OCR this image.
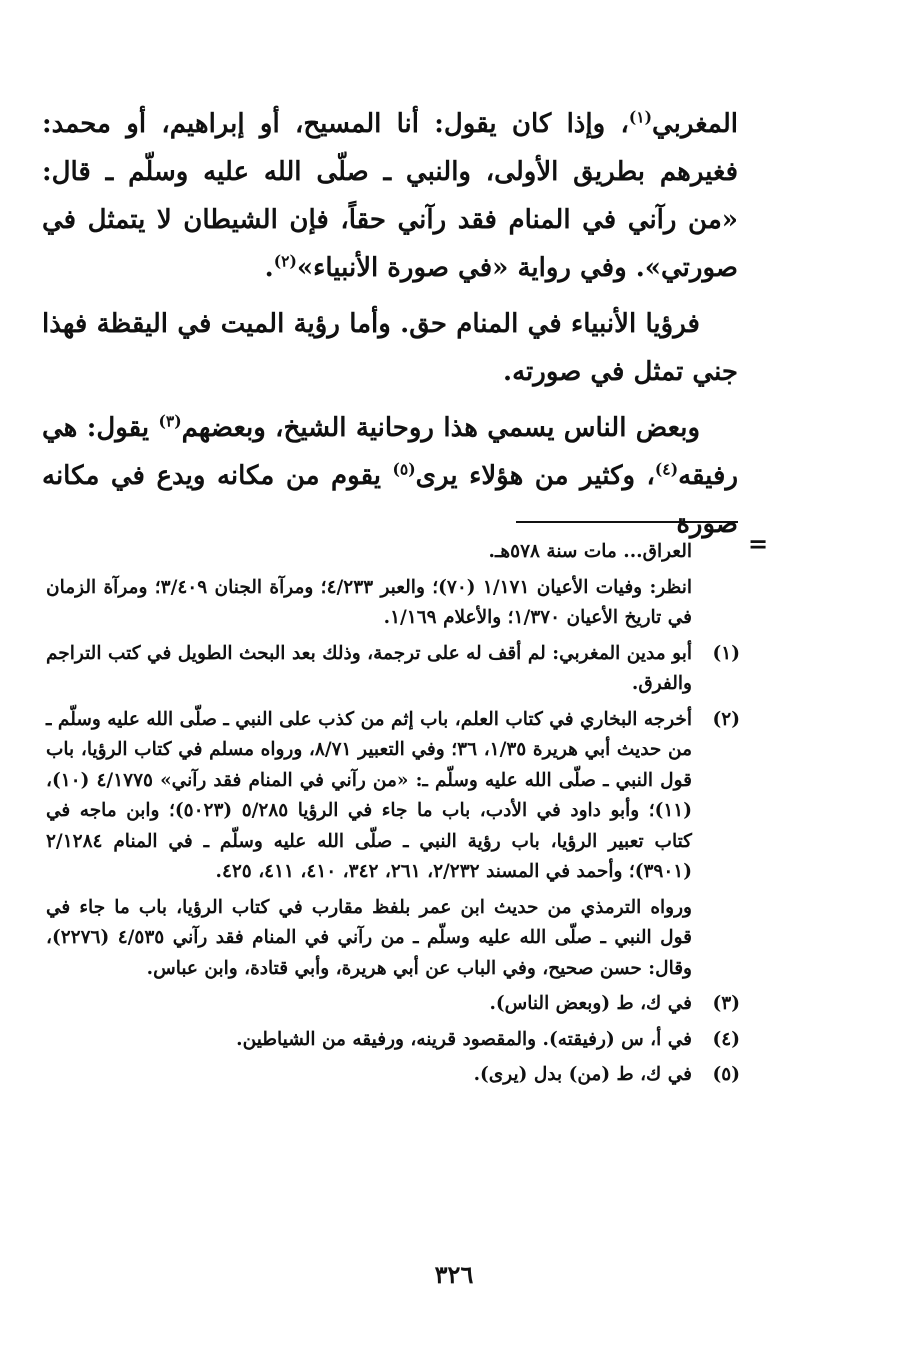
المغربي$^{(١)}$، وإذا كان يقول: أنا المسيح، أو إبراهيم، أو محمد: فغيرهم بطريق الأولى، والنبي ـ صلّى الله عليه وسلّم ـ قال: «من رآني في المنام فقد رآني حقاً، فإن الشيطان لا يتمثل في صورتي». وفي رواية «في صورة الأنبياء»$^{(٢)}$.

فرؤيا الأنبياء في المنام حق. وأما رؤية الميت في اليقظة فهذا جني تمثل في صورته.

وبعض الناس يسمي هذا روحانية الشيخ، وبعضهم$^{(٣)}$ يقول: هي رفيقه$^{(٤)}$، وكثير من هؤلاء يرى$^{(٥)}$ يقوم من مكانه ويدع في مكانه صورة

=

العراق... مات سنة ٥٧٨هـ.

انظر: وفيات الأعيان ١/١٧١ (٧٠)؛ والعبر ٤/٢٣٣؛ ومرآة الجنان ٣/٤٠٩؛ ومرآة الزمان في تاريخ الأعيان ١/٣٧٠؛ والأعلام ١/١٦٩.

(١)
أبو مدين المغربي: لم أقف له على ترجمة، وذلك بعد البحث الطويل في كتب التراجم والفرق.

(٢)
أخرجه البخاري في كتاب العلم، باب إثم من كذب على النبي ـ صلّى الله عليه وسلّم ـ من حديث أبي هريرة ١/٣٥، ٣٦؛ وفي التعبير ٨/٧١، ورواه مسلم في كتاب الرؤيا، باب قول النبي ـ صلّى الله عليه وسلّم ـ: «من رآني في المنام فقد رآني» ٤/١٧٧٥ (١٠)، (١١)؛ وأبو داود في الأدب، باب ما جاء في الرؤيا ٥/٢٨٥ (٥٠٢٣)؛ وابن ماجه في كتاب تعبير الرؤيا، باب رؤية النبي ـ صلّى الله عليه وسلّم ـ في المنام ٢/١٢٨٤ (٣٩٠١)؛ وأحمد في المسند ٢/٢٣٢، ٢٦١، ٣٤٢، ٤١٠، ٤١١، ٤٢٥.

ورواه الترمذي من حديث ابن عمر بلفظ مقارب في كتاب الرؤيا، باب ما جاء في قول النبي ـ صلّى الله عليه وسلّم ـ من رآني في المنام فقد رآني ٤/٥٣٥ (٢٢٧٦)، وقال: حسن صحيح، وفي الباب عن أبي هريرة، وأبي قتادة، وابن عباس.

(٣)
في ك، ط (وبعض الناس).

(٤)
في أ، س (رفيقته). والمقصود قرينه، ورفيقه من الشياطين.

(٥)
في ك، ط (من) بدل (يرى).

٣٢٦
